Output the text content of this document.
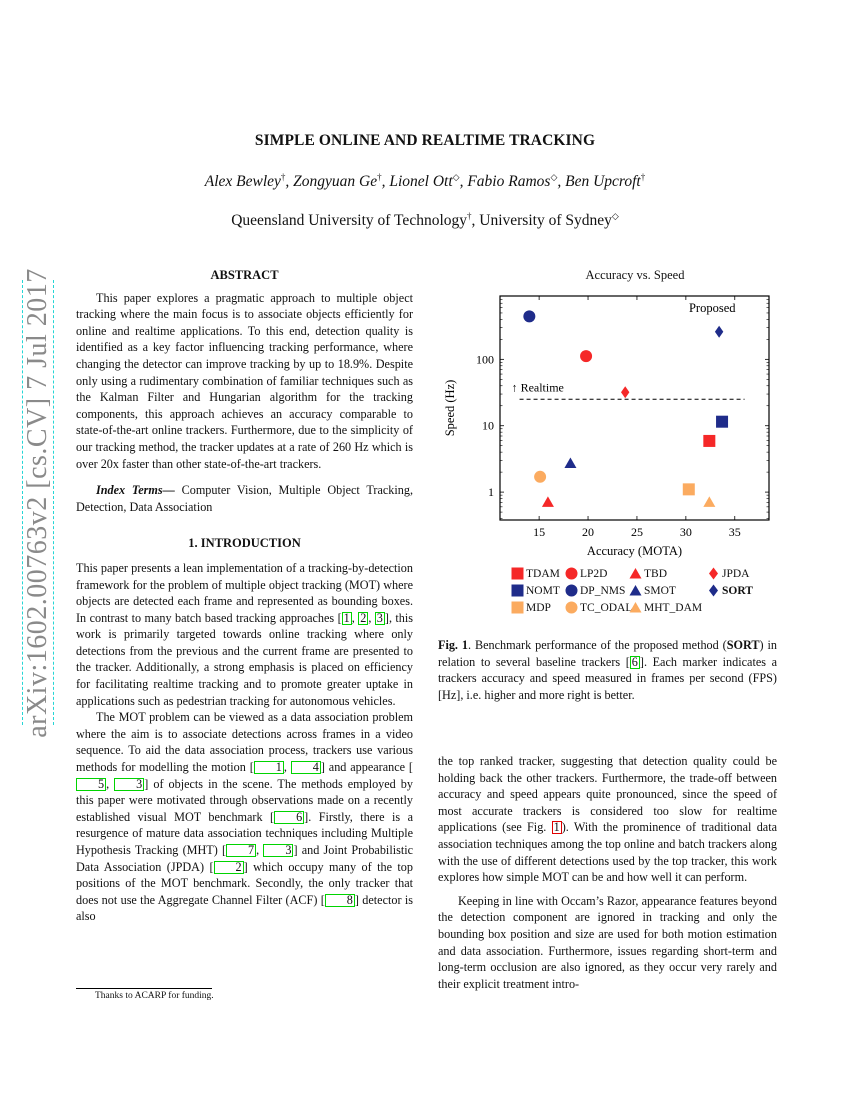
SIMPLE ONLINE AND REALTIME TRACKING
Alex Bewley†, Zongyuan Ge†, Lionel Ott◇, Fabio Ramos◇, Ben Upcroft†
Queensland University of Technology†, University of Sydney◇
arXiv:1602.00763v2 [cs.CV] 7 Jul 2017	ABSTRACT

This paper explores a pragmatic approach to multiple object tracking where the main focus is to associate objects efficiently for online and realtime applications. To this end, detection quality is identified as a key factor influencing tracking performance, where changing the detector can improve tracking by up to 18.9%. Despite only using a rudimentary combination of familiar techniques such as the Kalman Filter and Hungarian algorithm for the tracking components, this approach achieves an accuracy comparable to state-of-the-art online trackers. Furthermore, due to the simplicity of our tracking method, the tracker updates at a rate of 260 Hz which is over 20x faster than other state-of-the-art trackers.

Index Terms— Computer Vision, Multiple Object Tracking, Detection, Data Association

1. INTRODUCTION

This paper presents a lean implementation of a tracking-by-detection framework for the problem of multiple object tracking (MOT) where objects are detected each frame and represented as bounding boxes. In contrast to many batch based tracking approaches [ 1 , 2 , 3 ], this work is primarily targeted towards online tracking where only detections from the previous and the current frame are presented to the tracker. Additionally, a strong emphasis is placed on efficiency for facilitating realtime tracking and to promote greater uptake in applications such as pedestrian tracking for autonomous vehicles.

The MOT problem can be viewed as a data association problem where the aim is to associate detections across frames in a video sequence. To aid the data association process, trackers use various methods for modelling the motion [ 1 , 4 ] and appearance [5 , 3 ] of objects in the scene. The methods employed by this paper were motivated through observations made on a recently established visual MOT benchmark [ 6 ]. Firstly, there is a resurgence of mature data association techniques including Multiple Hypothesis Tracking (MHT) [ 7 , 3 ] and Joint Probabilistic Data Association (JPDA) [ 2 ] which occupy many of the top positions of the MOT benchmark. Secondly, the only tracker that does not use the Aggregate Channel Filter (ACF) [ 8 ] detector is also

Thanks to ACARP for funding.
Accuracy vs. Speed
15	20	25	30	35
1
10
100
Accuracy (MOTA)
Speed (Hz)	↑ Realtime
Proposed
TDAM LP2D	TBD	JPDA
NOMT DP_NMS SMOT	SORT
MDP	TC_ODAL MHT_DAM
Fig. 1. Benchmark performance of the proposed method (SORT) in relation to several baseline trackers [ 6 ]. Each marker indicates a trackers accuracy and speed measured in frames per second (FPS) [Hz], i.e. higher and more right is better.

the top ranked tracker, suggesting that detection quality could be holding back the other trackers. Furthermore, the trade-off between accuracy and speed appears quite pronounced, since the speed of most accurate trackers is considered too slow for realtime applications (see Fig. 1 ). With the prominence of traditional data association techniques among the top online and batch trackers along with the use of different detections used by the top tracker, this work explores how simple MOT can be and how well it can perform.

Keeping in line with Occam’s Razor, appearance features beyond the detection component are ignored in tracking and only the bounding box position and size are used for both motion estimation and data association. Furthermore, issues regarding short-term and long-term occlusion are also ignored, as they occur very rarely and their explicit treatment intro-
